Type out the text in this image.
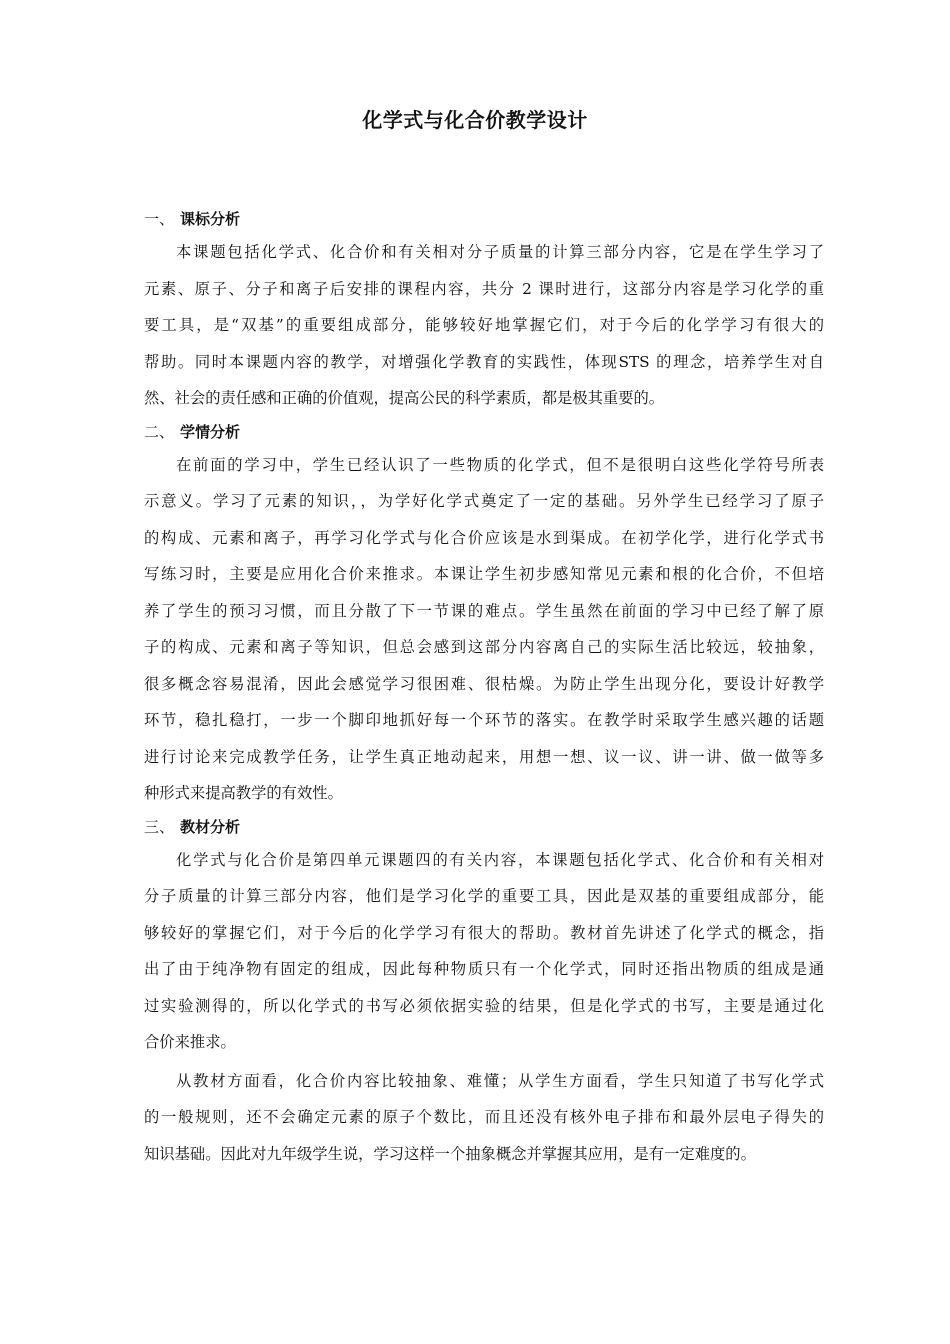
化学式与化合价教学设计
一、 课标分析
本课题包括化学式、化合价和有关相对分子质量的计算三部分内容，它是在学生学习了
元素、原子、分子和离子后安排的课程内容，共分 2 课时进行，这部分内容是学习化学的重
要工具，是“双基”的重要组成部分，能够较好地掌握它们，对于今后的化学学习有很大的
帮助。同时本课题内容的教学，对增强化学教育的实践性，体现STS 的理念，培养学生对自
然、社会的责任感和正确的价值观，提高公民的科学素质，都是极其重要的。
二、 学情分析
在前面的学习中，学生已经认识了一些物质的化学式，但不是很明白这些化学符号所表
示意义。学习了元素的知识，，为学好化学式奠定了一定的基础。另外学生已经学习了原子
的构成、元素和离子，再学习化学式与化合价应该是水到渠成。在初学化学，进行化学式书
写练习时，主要是应用化合价来推求。本课让学生初步感知常见元素和根的化合价，不但培
养了学生的预习习惯，而且分散了下一节课的难点。学生虽然在前面的学习中已经了解了原
子的构成、元素和离子等知识，但总会感到这部分内容离自己的实际生活比较远，较抽象，
很多概念容易混淆，因此会感觉学习很困难、很枯燥。为防止学生出现分化，要设计好教学
环节，稳扎稳打，一步一个脚印地抓好每一个环节的落实。在教学时采取学生感兴趣的话题
进行讨论来完成教学任务，让学生真正地动起来，用想一想、议一议、讲一讲、做一做等多
种形式来提高教学的有效性。
三、 教材分析
化学式与化合价是第四单元课题四的有关内容，本课题包括化学式、化合价和有关相对
分子质量的计算三部分内容，他们是学习化学的重要工具，因此是双基的重要组成部分，能
够较好的掌握它们，对于今后的化学学习有很大的帮助。教材首先讲述了化学式的概念，指
出了由于纯净物有固定的组成，因此每种物质只有一个化学式，同时还指出物质的组成是通
过实验测得的，所以化学式的书写必须依据实验的结果，但是化学式的书写，主要是通过化
合价来推求。
从教材方面看，化合价内容比较抽象、难懂；从学生方面看，学生只知道了书写化学式
的一般规则，还不会确定元素的原子个数比，而且还没有核外电子排布和最外层电子得失的
知识基础。因此对九年级学生说，学习这样一个抽象概念并掌握其应用，是有一定难度的。
